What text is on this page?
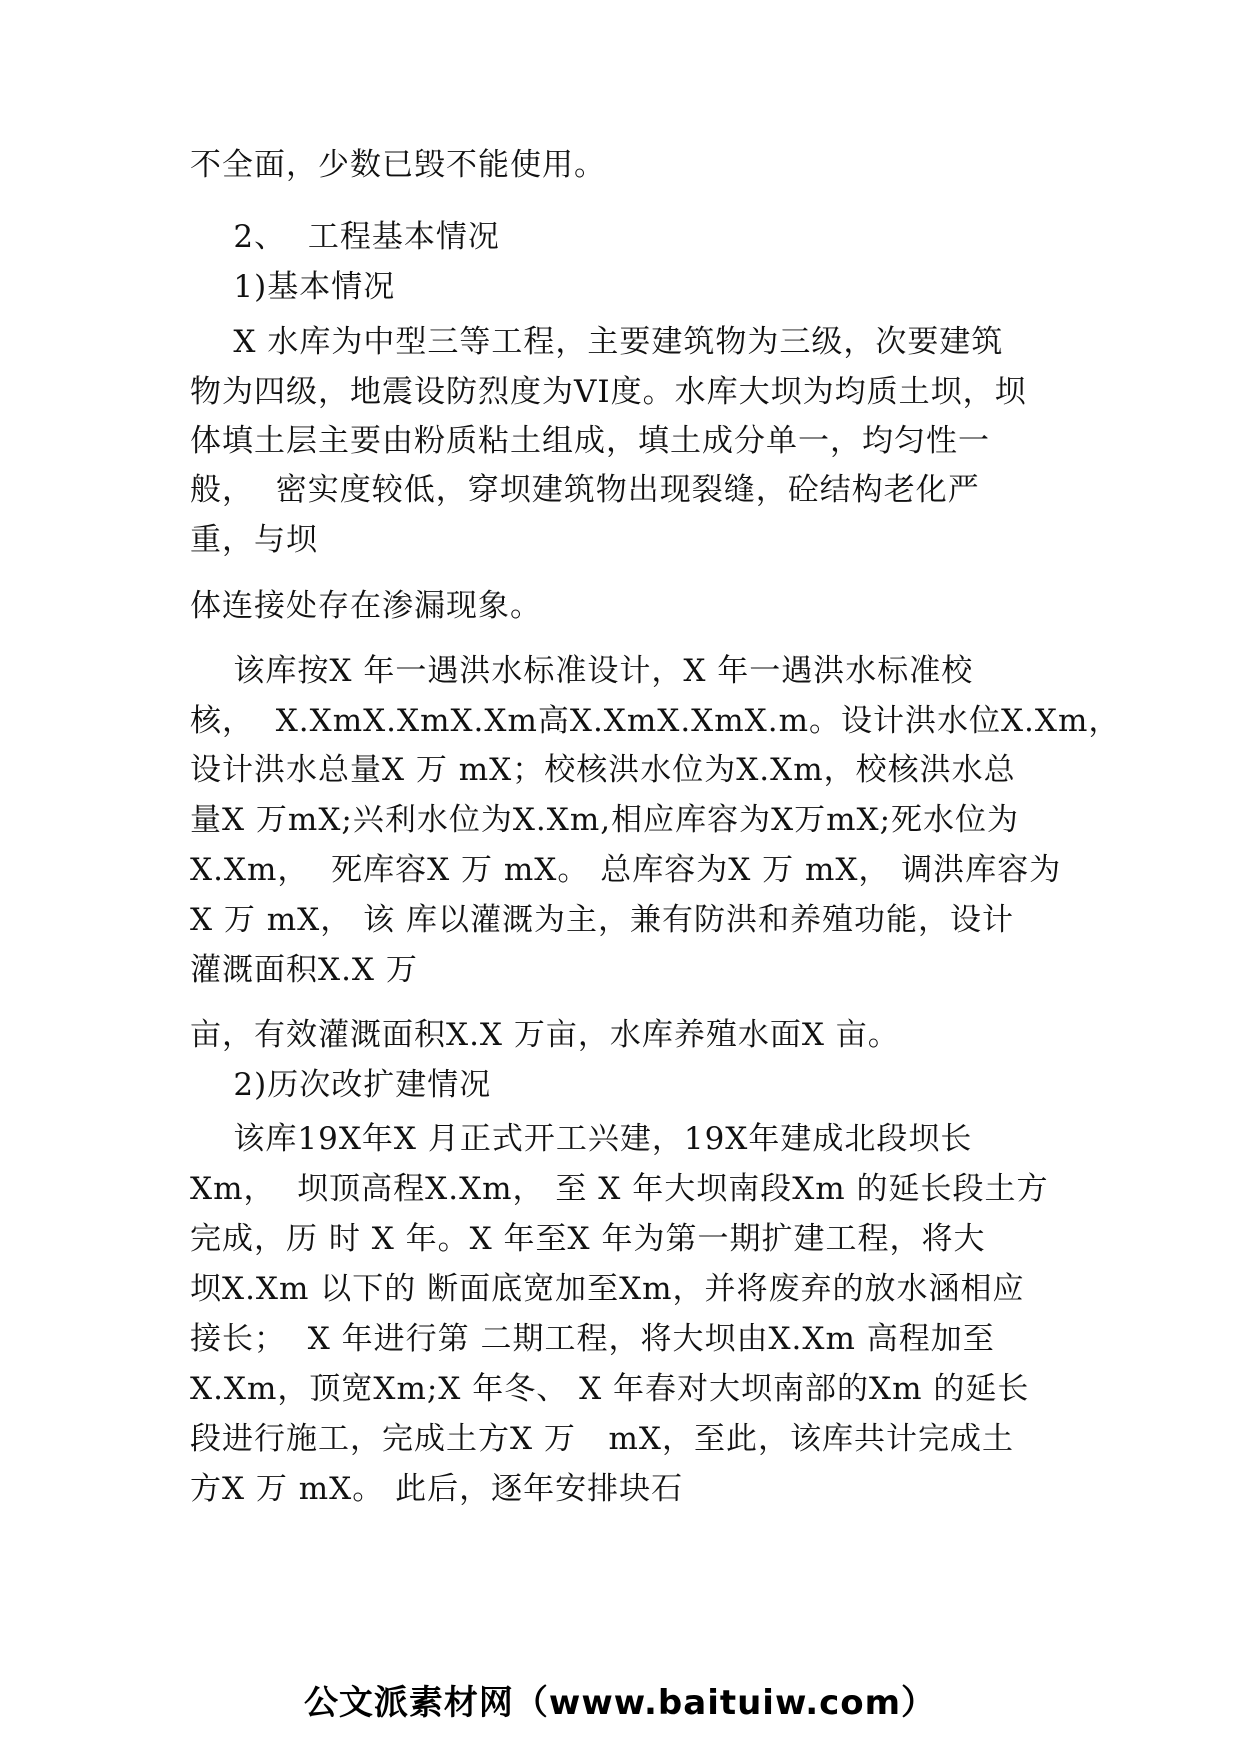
不全面，少数已毁不能使用。
2、  工程基本情况
1)基本情况
X 水库为中型三等工程，主要建筑物为三级，次要建筑
物为四级，地震设防烈度为VI度。水库大坝为均质土坝，坝
体填土层主要由粉质粘土组成，填土成分单一，均匀性一
般，  密实度较低，穿坝建筑物出现裂缝，砼结构老化严
重，与坝
体连接处存在渗漏现象。
该库按X 年一遇洪水标准设计，X 年一遇洪水标准校
核，  X.XmX.XmX.Xm高X.XmX.XmX.m。设计洪水位X.Xm，
设计洪水总量X 万 mX；校核洪水位为X.Xm，校核洪水总
量X 万mX;兴利水位为X.Xm,相应库容为X万mX;死水位为
X.Xm，  死库容X 万 mX。 总库容为X 万 mX， 调洪库容为
X 万 mX， 该 库以灌溉为主，兼有防洪和养殖功能，设计
灌溉面积X.X 万
亩，有效灌溉面积X.X 万亩，水库养殖水面X 亩。
2)历次改扩建情况
该库19X年X 月正式开工兴建，19X年建成北段坝长
Xm，  坝顶高程X.Xm， 至 X 年大坝南段Xm 的延长段土方
完成，历 时 X 年。X 年至X 年为第一期扩建工程，将大
坝X.Xm 以下的 断面底宽加至Xm，并将废弃的放水涵相应
接长；  X 年进行第 二期工程，将大坝由X.Xm 高程加至
X.Xm，顶宽Xm;X 年冬、 X 年春对大坝南部的Xm 的延长
段进行施工，完成土方X 万   mX，至此，该库共计完成土
方X 万 mX。 此后，逐年安排块石
公文派素材网（www.baituiw.com）
